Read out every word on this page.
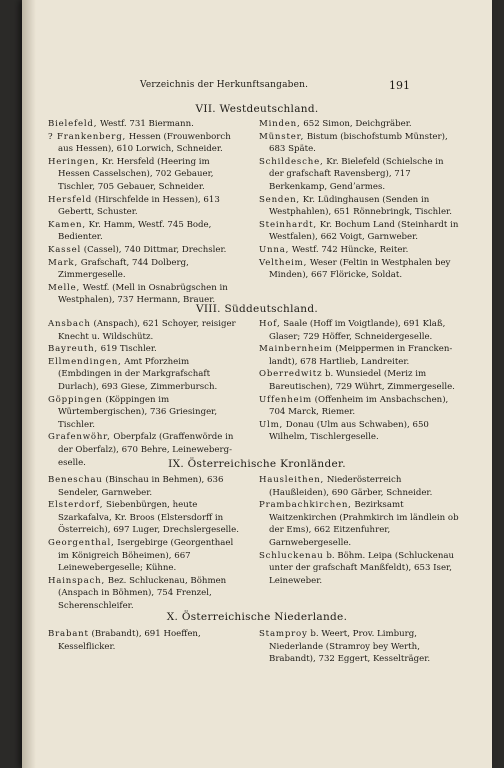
Verzeichnis der Herkunftsangaben.	191
VII. Westdeutschland.

Bielefeld, Westf. 731 Biermann.

? Frankenberg, Hessen (Frouwenborch aus Hessen), 610 Lorwich, Schneider.

Heringen, Kr. Hersfeld (Heering im Hessen Casselschen), 702 Gebauer, Tischler, 705 Gebauer, Schneider.

Hersfeld (Hirschfelde in Hessen), 613 Gebertt, Schuster.

Kamen, Kr. Hamm, Westf. 745 Bode, Bedienter.

Kassel (Cassel), 740 Dittmar, Drechsler.

Mark, Grafschaft, 744 Dolberg, Zimmergeselle.

Melle, Westf. (Mell in Osnabrügschen in Westphalen), 737 Hermann, Brauer.

Minden, 652 Simon, Deichgräber.

Münster, Bistum (bischofstumb Münster), 683 Späte.

Schildesche, Kr. Bielefeld (Schielsche in der grafschaft Ravensberg), 717 Berkenkamp, Gendʼarmes.

Senden, Kr. Lüdinghausen (Senden in Westphahlen), 651 Rönnebringk, Tischler.

Steinhardt, Kr. Bochum Land (Steinhardt in Westfalen), 662 Voigt, Garnweber.

Unna, Westf. 742 Hüncke, Reiter.

Veltheim, Weser (Feltin in Westphalen bey Minden), 667 Flöricke, Soldat.

VIII. Süddeutschland.

Ansbach (Anspach), 621 Schoyer, reisiger Knecht u. Wildschütz.

Bayreuth, 619 Tischler.

Ellmendingen, Amt Pforzheim (Embdingen in der Markgrafschaft Durlach), 693 Giese, Zimmerbursch.

Göppingen (Köppingen im Würtembergischen), 736 Griesinger, Tischler.

Grafenwöhr, Oberpfalz (Graffenwörde in der Oberfalz), 670 Behre, Leinewebergeselle.

Hof, Saale (Hoff im Voigtlande), 691 Klaß, Glaser; 729 Höffer, Schneidergeselle.

Mainbernheim (Meippermen in Franckenlandt), 678 Hartlieb, Landreiter.

Oberredwitz b. Wunsiedel (Meriz im Bareutischen), 729 Wührt, Zimmergeselle.

Uffenheim (Offenheim im Ansbachschen), 704 Marck, Riemer.

Ulm, Donau (Ulm aus Schwaben), 650 Wilhelm, Tischlergeselle.

IX. Österreichische Kronländer.

Beneschau (Binschau in Behmen), 636 Sendeler, Garnweber.

Elsterdorf, Siebenbürgen, heute Szarkafalva, Kr. Broos (Elstersdorff in Österreich), 697 Luger, Drechslergeselle.

Georgenthal, Isergebirge (Georgenthael im Königreich Böheimen), 667 Leinewebergeselle; Kühne.

Hainspach, Bez. Schluckenau, Böhmen (Anspach in Böhmen), 754 Frenzel, Scherenschleifer.

Hausleithen, Niederösterreich (Haußleiden), 690 Gärber, Schneider.

Prambachkirchen, Bezirksamt Waitzenkirchen (Prahmkirch im ländlein ob der Ems), 662 Eitzenfuhrer, Garnwebergeselle.

Schluckenau b. Böhm. Leipa (Schluckenau unter der grafschaft Manßfeldt), 653 Iser, Leineweber.

X. Österreichische Niederlande.

Brabant (Brabandt), 691 Hoeffen, Kesselflicker.

Stamproy b. Weert, Prov. Limburg, Niederlande (Stramroy bey Werth, Brabandt), 732 Eggert, Kesselträger.
